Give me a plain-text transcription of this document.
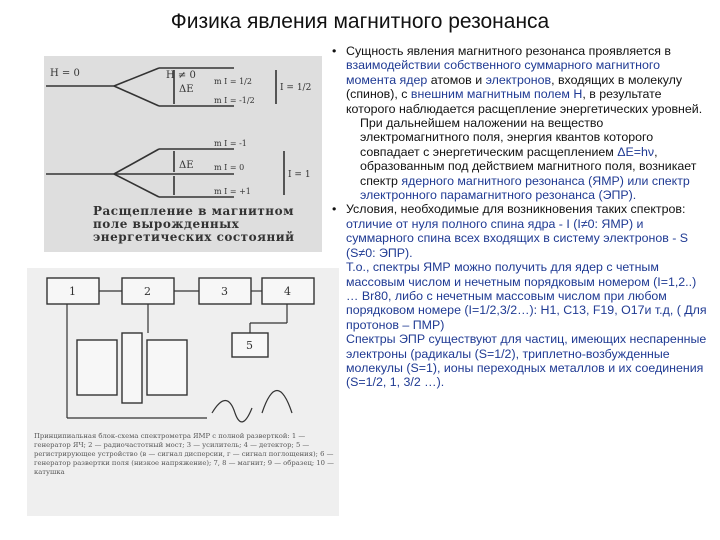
Физика явления магнитного резонанса
H = 0	H ≠ 0
ΔE
m I = 1/2
m I = -1/2
I = 1/2
m I = -1
ΔE	m I = 0
m I = +1
I = 1
Расщепление в магнитном поле вырожденных энергетических состояний
1	2	3	4
5
Принципиальная блок-схема спектрометра ЯМР с полной разверткой: 1 — генератор ЯЧ; 2 — радиочастотный мост; 3 — усилитель; 4 — детектор; 5 — регистрирующее устройство (в — сигнал дисперсии, г — сигнал поглощения); 6 — генератор развертки поля (низкое напряжение); 7, 8 — магнит; 9 — образец; 10 — катушка

• Сущность явления магнитного резонанса проявляется в взаимодействии собственного суммарного магнитного момента ядер атомов и электронов, входящих в молекулу (спинов), с внешним магнитным полем Н, в результате которого наблюдается расщепление энергетических уровней.

При дальнейшем наложении на вещество электромагнитного поля, энергия квантов которого совпадает с энергетическим расщеплением ΔЕ=hν, образованным под действием магнитного поля, возникает спектр ядерного магнитного резонанса (ЯМР) или спектр электронного парамагнитного резонанса (ЭПР).

• Условия, необходимые для возникновения таких спектров: отличие от нуля полного спина ядра - I (I≠0: ЯМР) и суммарного спина всех входящих в систему электронов - S (S≠0: ЭПР).

Т.о., спектры ЯМР можно получить для ядер с четным массовым числом и нечетным порядковым номером (I=1,2..) … Br80, либо с нечетным массовым числом при любом порядковом номере (I=1/2,3/2…): Н1, С13, F19, О17и т.д, ( Для протонов – ПМР)

Спектры ЭПР существуют для частиц, имеющих неспаренные электроны (радикалы (S=1/2), триплетно-возбужденные молекулы (S=1), ионы переходных металлов и их соединения (S=1/2, 1, 3/2 …).
